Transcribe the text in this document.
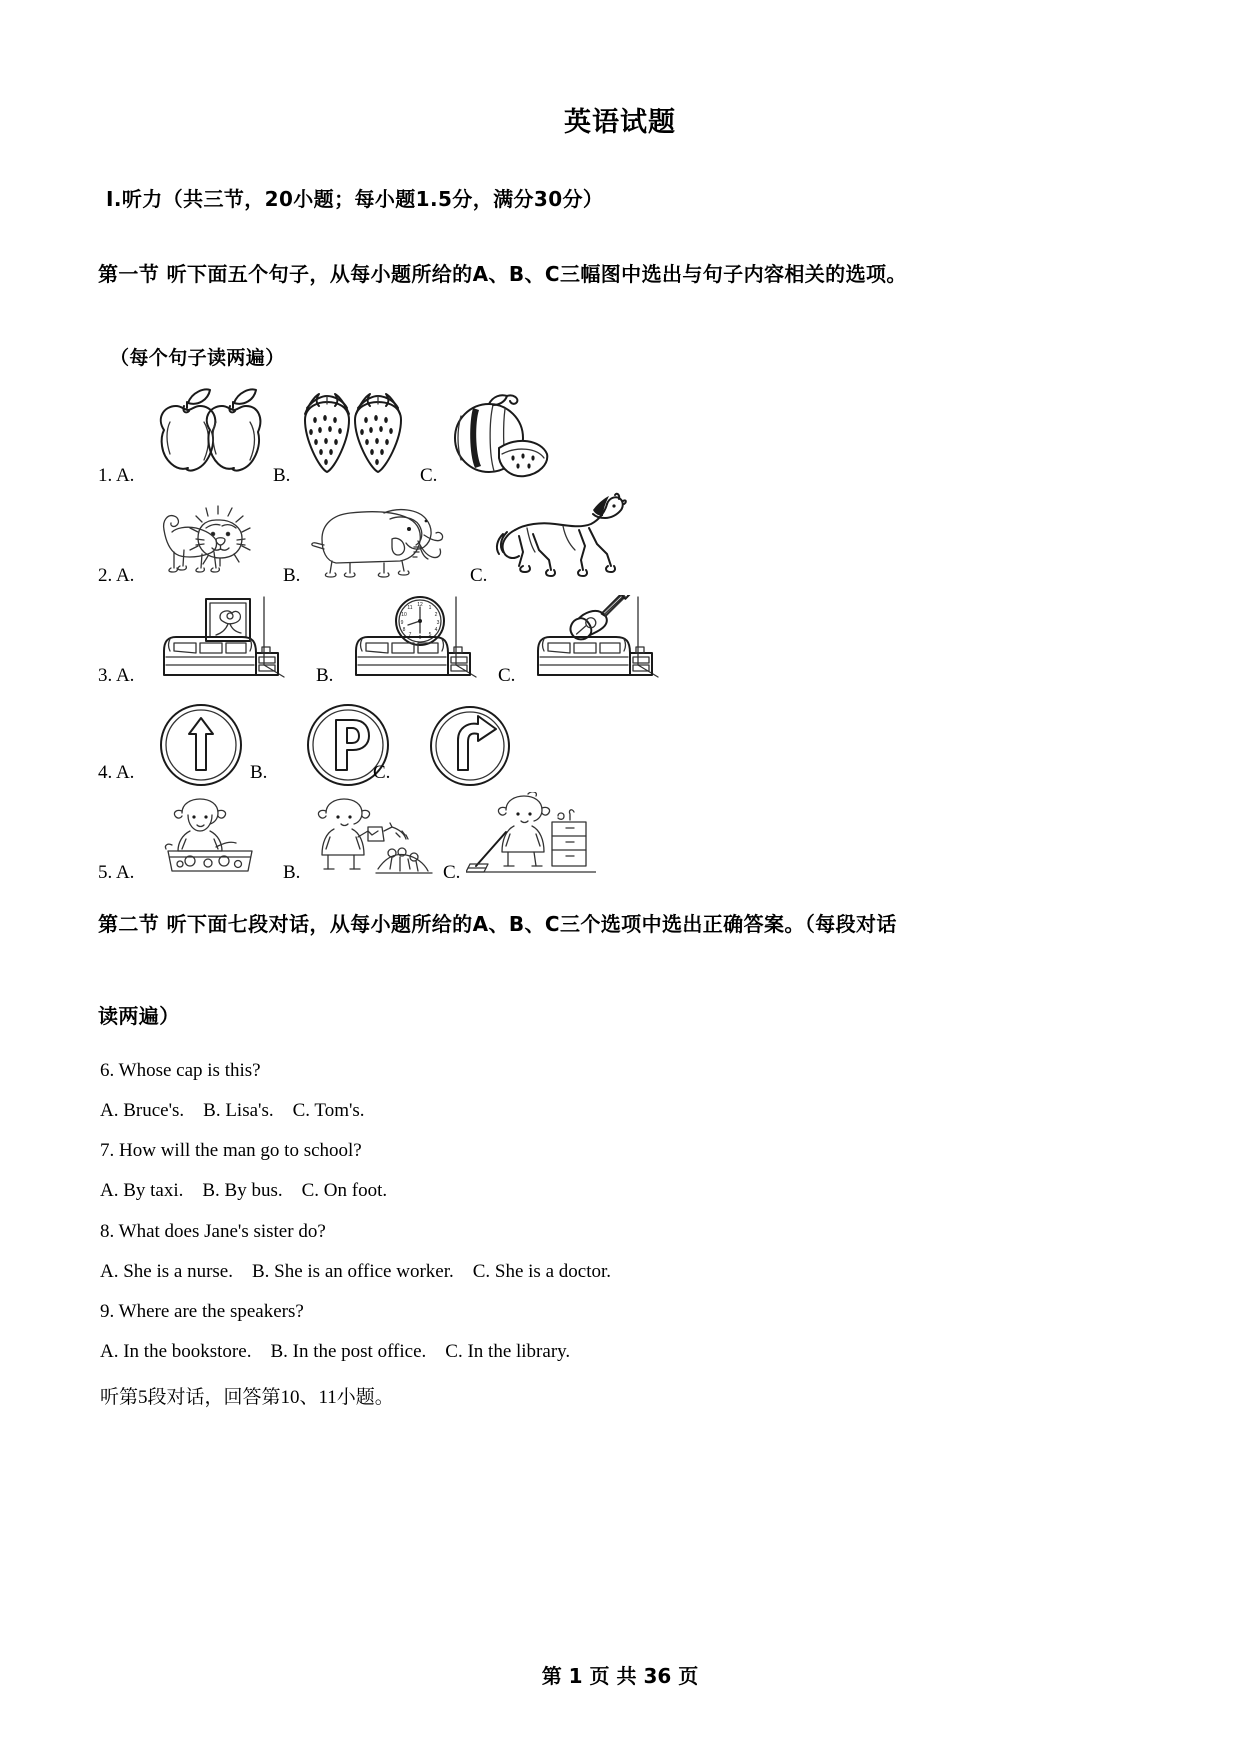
英语试题
Ⅰ.听力（共三节，20小题；每小题1.5分，满分30分）
第一节 听下面五个句子，从每小题所给的A、B、C三幅图中选出与句子内容相关的选项。
（每个句子读两遍）
1. A.	B.	C.
2. A.	B.	C.
3. A.	B.
12 1
2
3
4
5
6
7
8
9
10
11
C.
4. A.	B.	C.
5. A.	B.	C.
第二节 听下面七段对话，从每小题所给的A、B、C三个选项中选出正确答案。（每段对话
读两遍）
6. Whose cap is this?
A. Bruce's.    B. Lisa's.    C. Tom's.
7. How will the man go to school?
A. By taxi.    B. By bus.    C. On foot.
8. What does Jane's sister do?
A. She is a nurse.    B. She is an office worker.    C. She is a doctor.
9. Where are the speakers?
A. In the bookstore.    B. In the post office.    C. In the library.
听第5段对话，回答第10、11小题。
第 1 页 共 36 页
